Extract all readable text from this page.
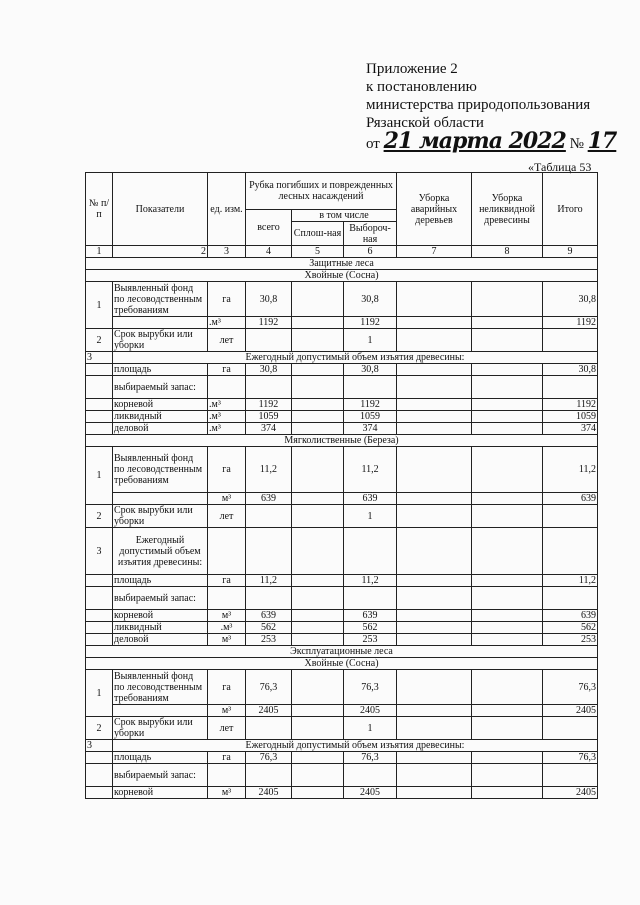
Приложение 2
к постановлению
министерства природопользования
Рязанской области
от 21 марта 2022 № 17
«Таблица 53
№ п/п	Показатели	ед. изм.	Рубка погибших и поврежденных лесных насаждений			Уборка аварийных деревьев	Уборка неликвидной древесины	Итого
			всего	в том числе				
				Сплош-ная	Выбороч-ная			
1	2	3	4	5	6	7	8	9
Защитные леса								
Хвойные (Сосна)								
1	Выявленный фонд по лесоводственным требованиям	га	30,8		30,8			30,8
		.м³	1192		1192			1192
2	Срок вырубки или уборки	лет			1			
3	Ежегодный допустимый объем изъятия древесины:							
	площадь	га	30,8		30,8			30,8
	выбираемый запас:							
	корневой	.м³	1192		1192			1192
	ликвидный	.м³	1059		1059			1059
	деловой	.м³	374		374			374
Мягколиственные (Береза)								
1	Выявленный фонд по лесоводственным требованиям	га	11,2		11,2			11,2
		м³	639		639			639
2	Срок вырубки или уборки	лет			1			
3	Ежегодный допустимый объем изъятия древесины:							
	площадь	га	11,2		11,2			11,2
	выбираемый запас:							
	корневой	м³	639		639			639
	ликвидный	.м³	562		562			562
	деловой	м³	253		253			253
Эксплуатационные леса								
Хвойные (Сосна)								
1	Выявленный фонд по лесоводственным требованиям	га	76,3		76,3			76,3
		м³	2405		2405			2405
2	Срок вырубки или уборки	лет			1			
3	Ежегодный допустимый объем изъятия древесины:							
	площадь	га	76,3		76,3			76,3
	выбираемый запас:							
	корневой	м³	2405		2405			2405
